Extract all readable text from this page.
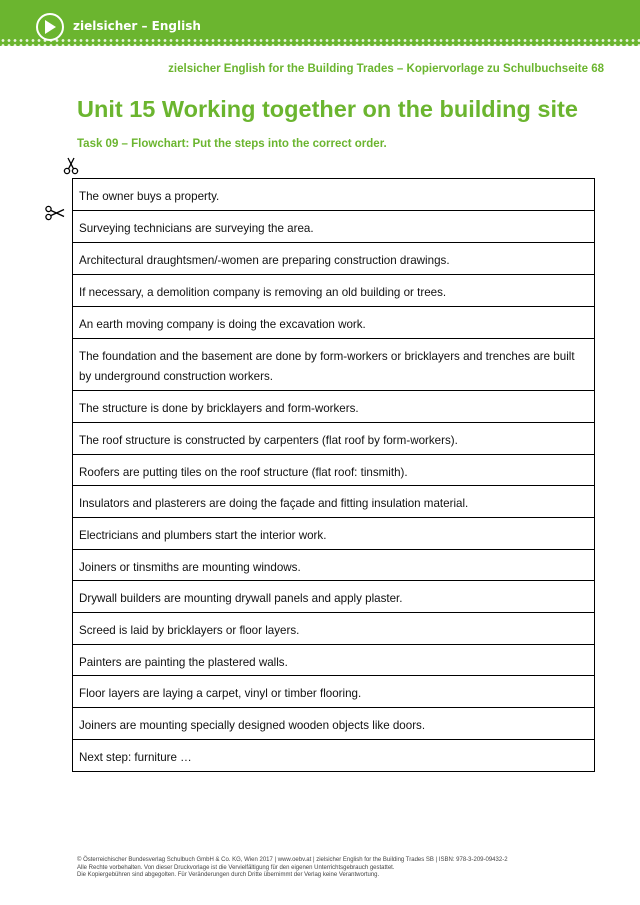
zielsicher – English
zielsicher English for the Building Trades – Kopiervorlage zu Schulbuchseite 68
Unit 15 Working together on the building site
Task 09 – Flowchart: Put the steps into the correct order.
The owner buys a property.
Surveying technicians are surveying the area.
Architectural draughtsmen/-women are preparing construction drawings.
If necessary, a demolition company is removing an old building or trees.
An earth moving company is doing the excavation work.
The foundation and the basement are done by form-workers or bricklayers and trenches are built by underground construction workers.
The structure is done by bricklayers and form-workers.
The roof structure is constructed by carpenters (flat roof by form-workers).
Roofers are putting tiles on the roof structure (flat roof: tinsmith).
Insulators and plasterers are doing the façade and fitting insulation material.
Electricians and plumbers start the interior work.
Joiners or tinsmiths are mounting windows.
Drywall builders are mounting drywall panels and apply plaster.
Screed is laid by bricklayers or floor layers.
Painters are painting the plastered walls.
Floor layers are laying a carpet, vinyl or timber flooring.
Joiners are mounting specially designed wooden objects like doors.
Next step: furniture …
© Österreichischer Bundesverlag Schulbuch GmbH & Co. KG, Wien 2017 | www.oebv.at | zielsicher English for the Building Trades SB | ISBN: 978-3-209-09432-2
Alle Rechte vorbehalten. Von dieser Druckvorlage ist die Vervielfältigung für den eigenen Unterrichtsgebrauch gestattet.
Die Kopiergebühren sind abgegolten. Für Veränderungen durch Dritte übernimmt der Verlag keine Verantwortung.
